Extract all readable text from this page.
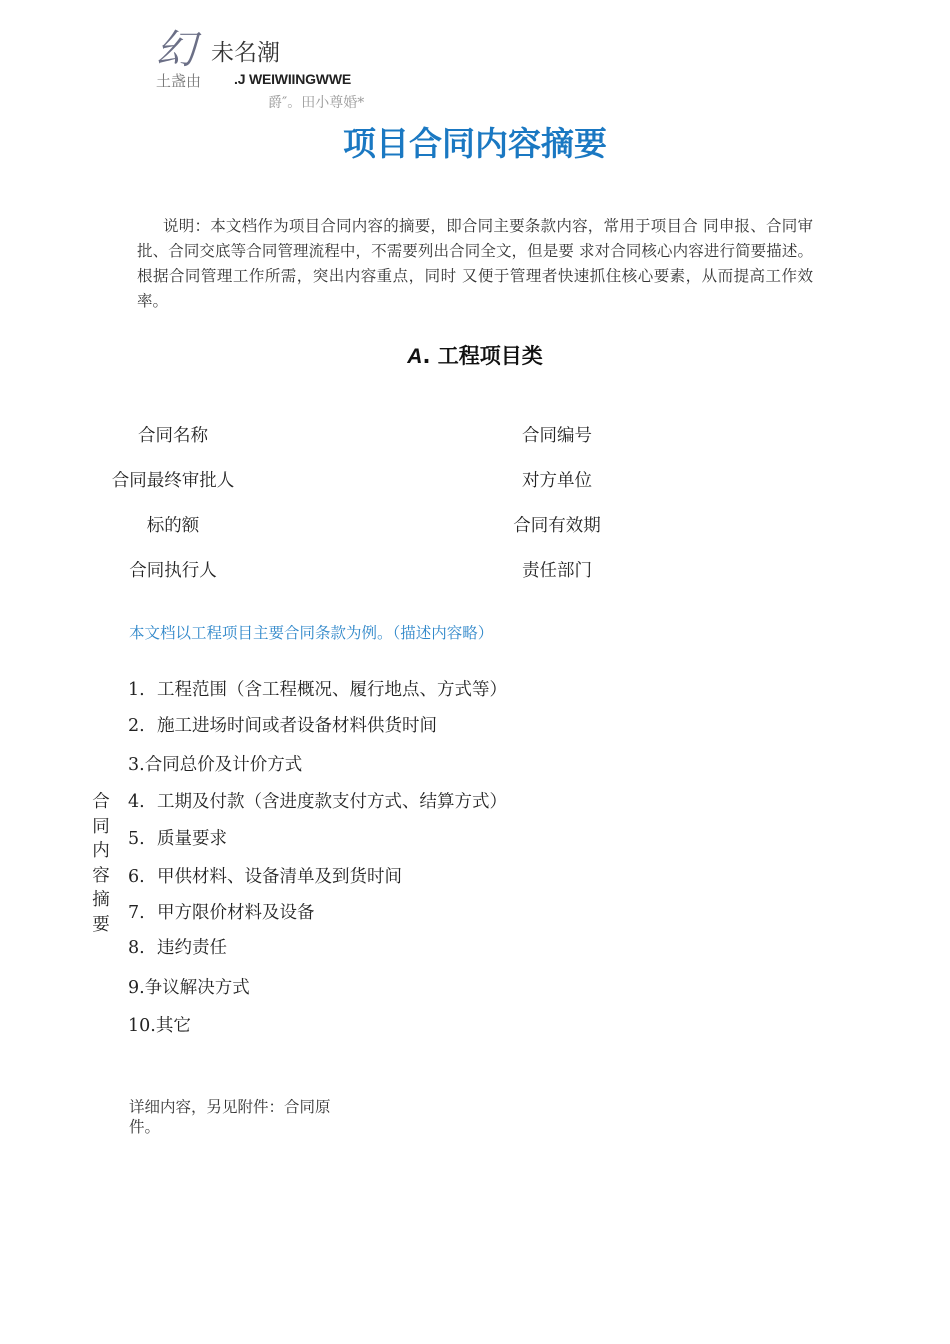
幻 未名潮
土盏由 .J WEIWIINGWWE
爵″。田小尊婚*
项目合同内容摘要
说明：本文档作为项目合同内容的摘要，即合同主要条款内容，常用于项目合 同申报、合同审批、合同交底等合同管理流程中，不需要列出合同全文，但是要 求对合同核心内容进行简要描述。根据合同管理工作所需，突出内容重点，同时 又便于管理者快速抓住核心要素，从而提高工作效率。
A. 工程项目类
合同名称	合同编号
合同最终审批人	对方单位
标的额	合同有效期
合同执行人	责任部门
本文档以工程项目主要合同条款为例。（描述内容略）
合
同
内
容
摘
要
1. 工程范围（含工程概况、履行地点、方式等）
2. 施工进场时间或者设备材料供货时间
3.合同总价及计价方式
4. 工期及付款（含进度款支付方式、结算方式）
5. 质量要求
6. 甲供材料、设备清单及到货时间
7. 甲方限价材料及设备
8. 违约责任
9.争议解决方式
10.其它
详细内容，另见附件：合同原件。
